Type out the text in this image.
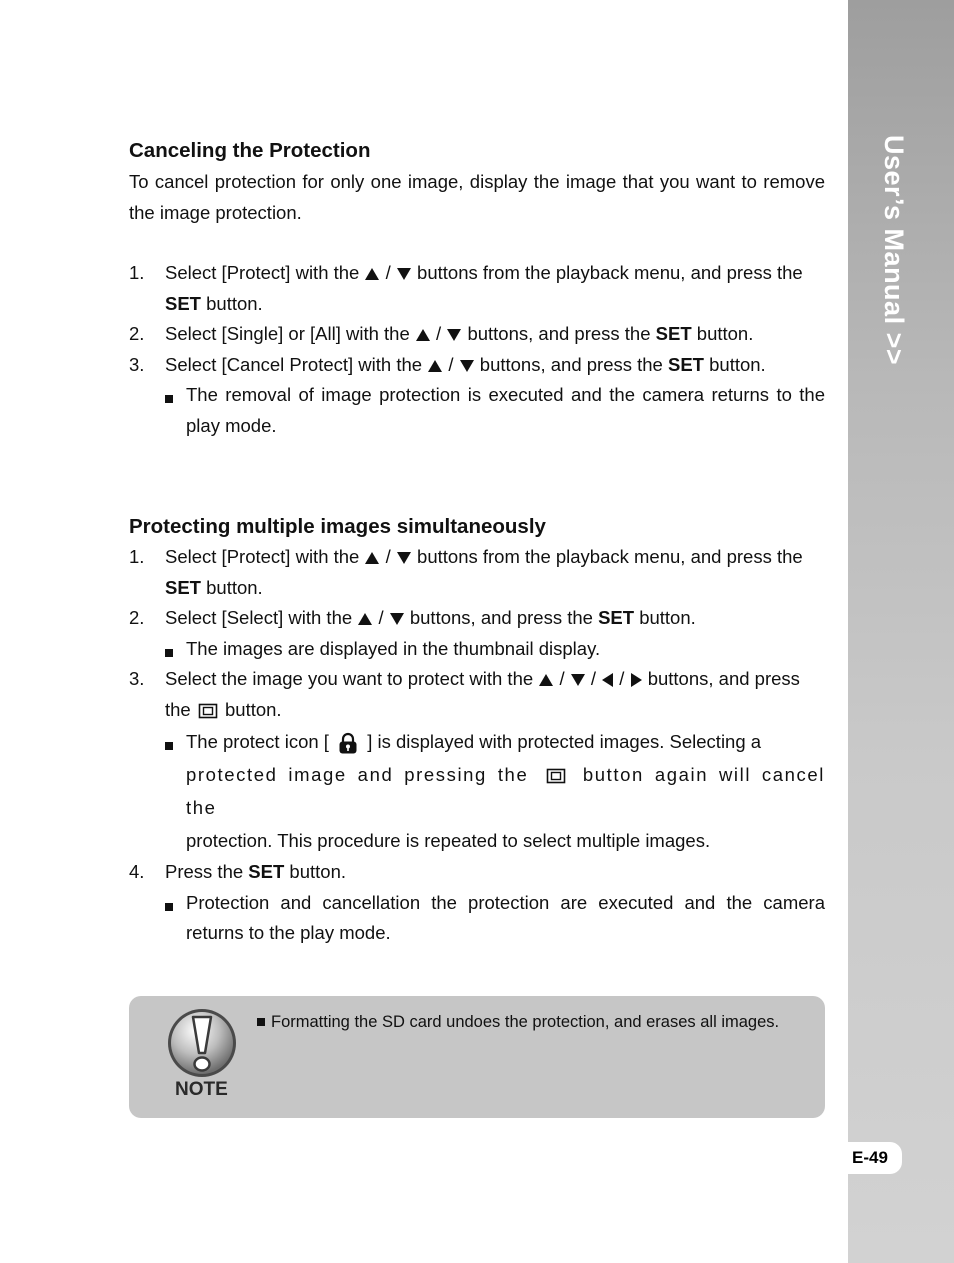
User’s Manual >>
E-49
Canceling the Protection

To cancel protection for only one image, display the image that you want to remove the image protection.

1. Select [Protect] with the / buttons from the playback menu, and press the SET button.
2. Select [Single] or [All] with the / buttons, and press the SET button.
3. Select [Cancel Protect] with the / buttons, and press the SET button.
The removal of image protection is executed and the camera returns to the play mode.
Protecting multiple images simultaneously
1. Select [Protect] with the / buttons from the playback menu, and press the SET button.
2. Select [Select] with the / buttons, and press the SET button.
The images are displayed in the thumbnail display.
3. Select the image you want to protect with the / / / buttons, and press the button.
The protect icon [ ] is displayed with protected images. Selecting a
protected image and pressing the	button again will cancel the
protection. This procedure is repeated to select multiple images.
4. Press the SET button.
Protection and cancellation the protection are executed and the camera returns to the play mode.
NOTE
Formatting the SD card undoes the protection, and erases all images.
